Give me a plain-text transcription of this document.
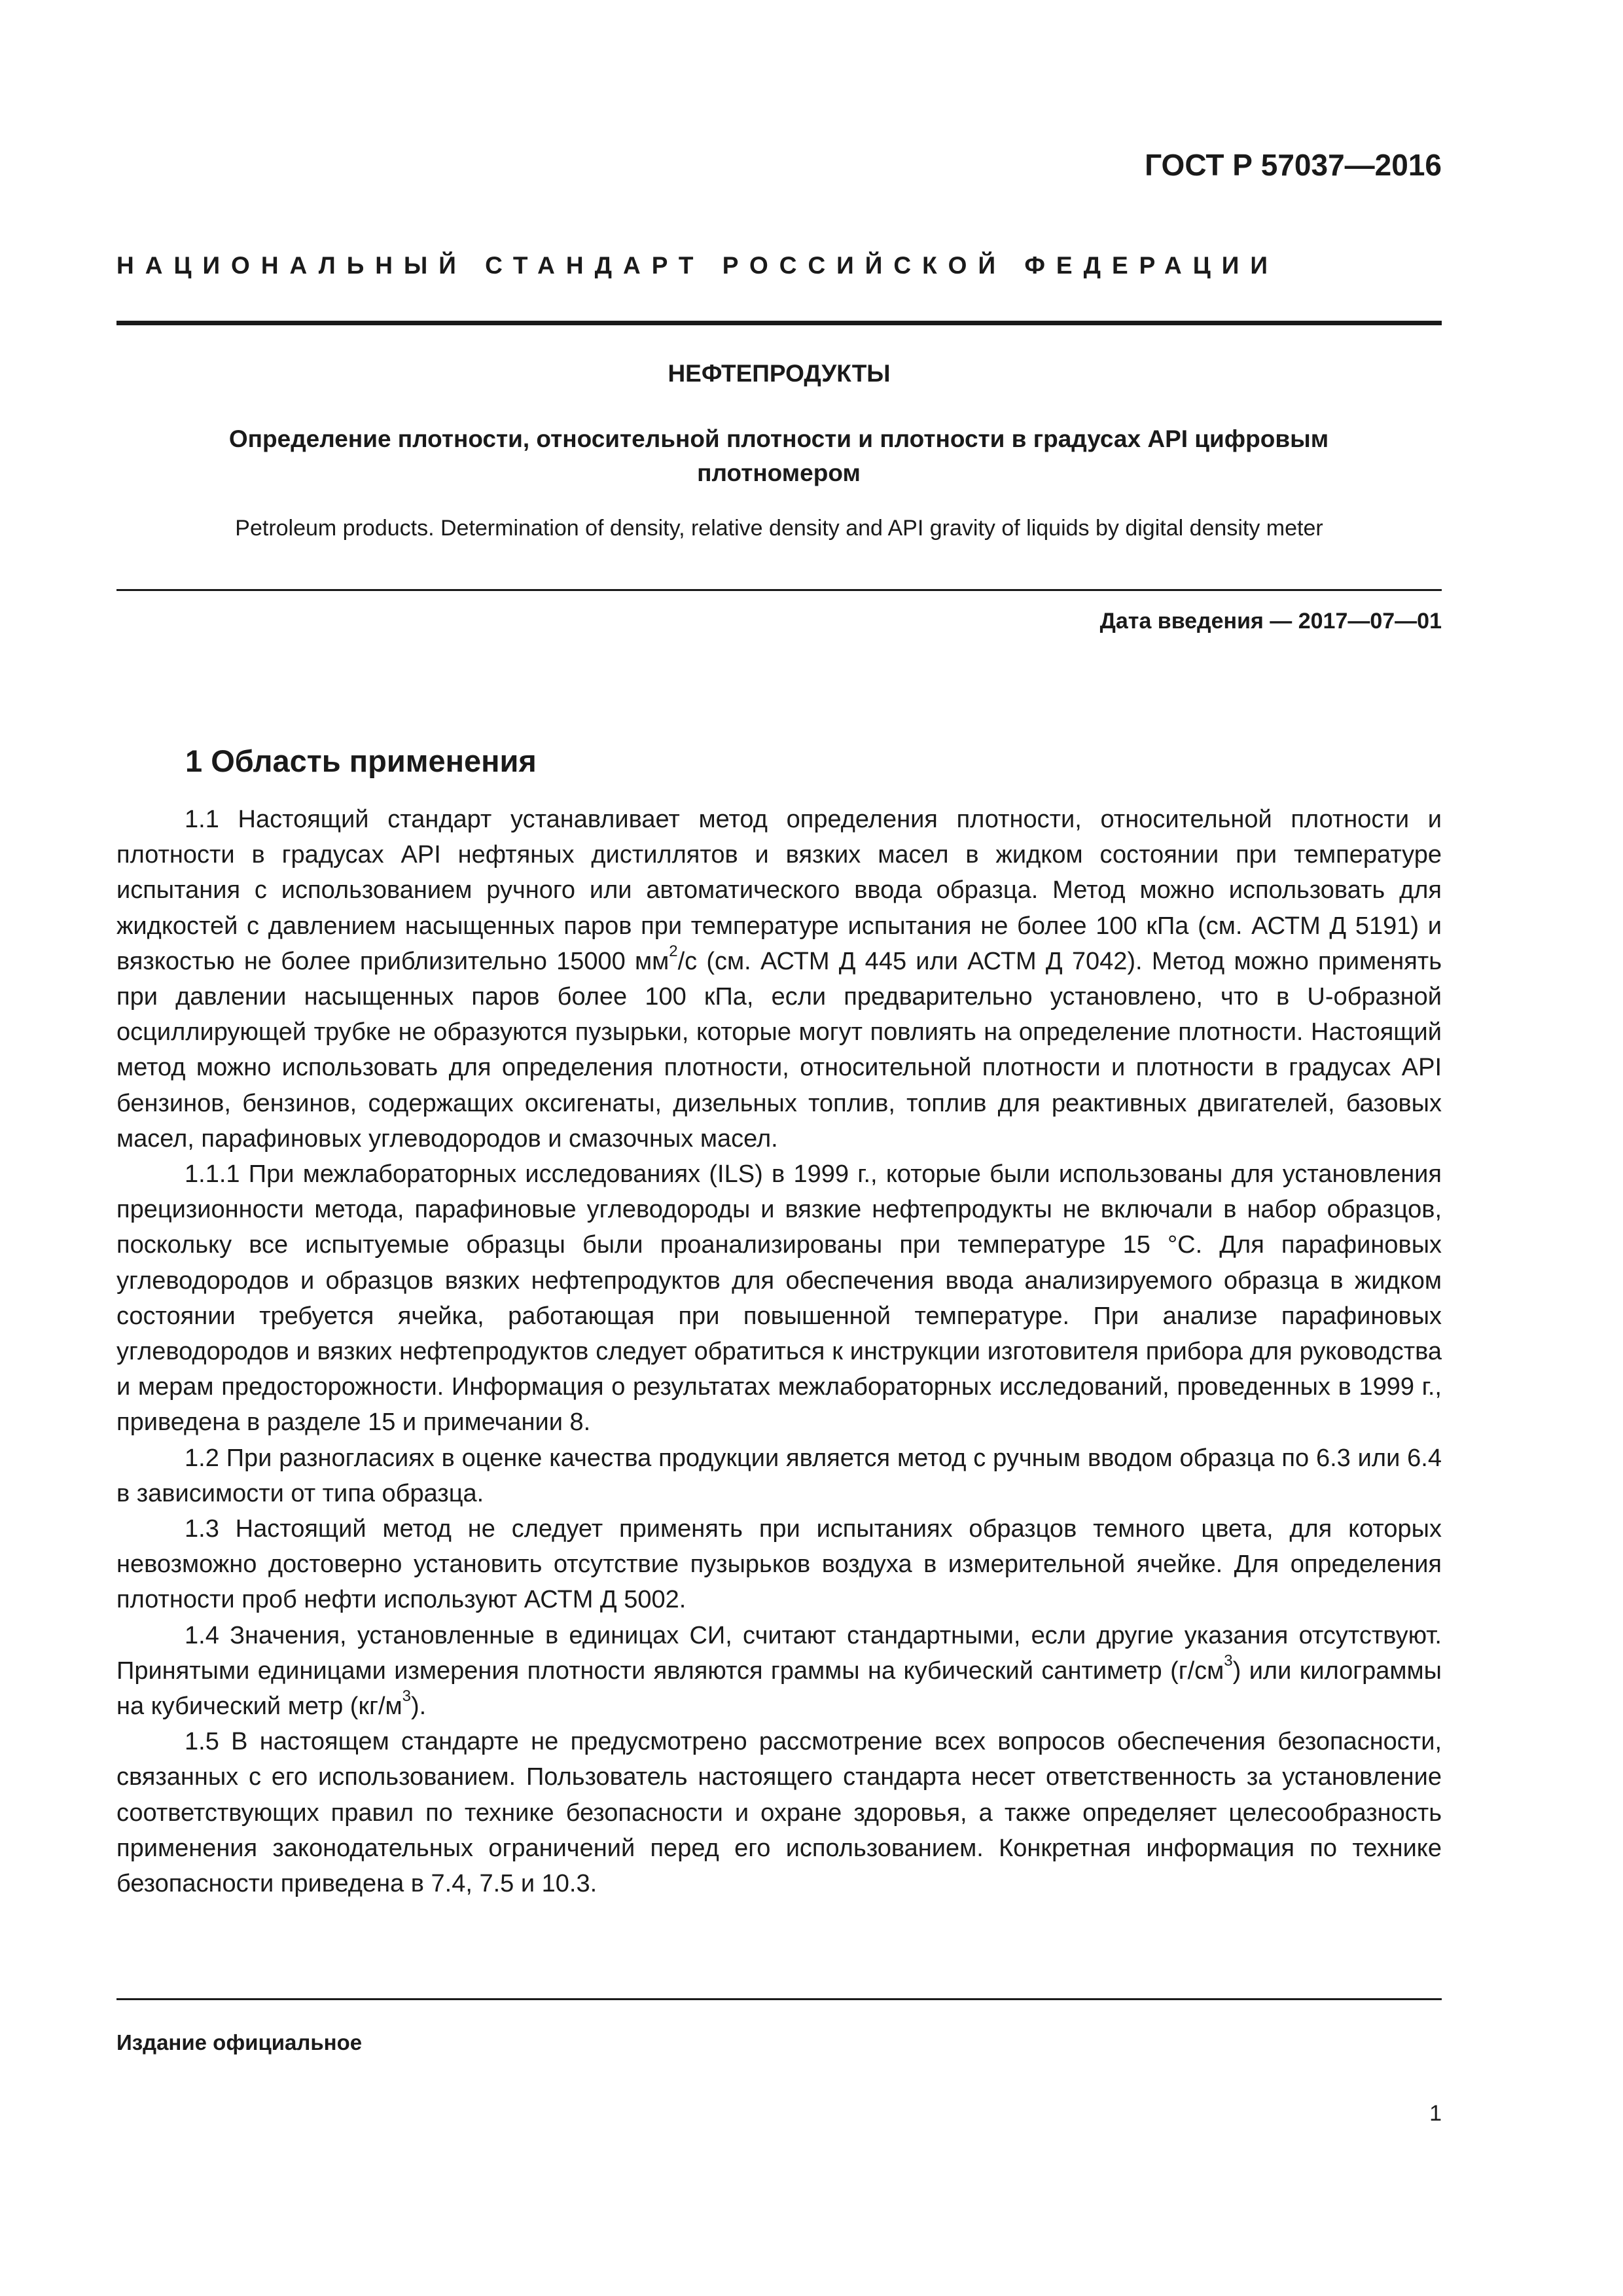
ГОСТ Р 57037—2016
НАЦИОНАЛЬНЫЙ СТАНДАРТ РОССИЙСКОЙ ФЕДЕРАЦИИ
НЕФТЕПРОДУКТЫ
Определение плотности, относительной плотности и плотности в градусах API цифровым плотномером
Petroleum products. Determination of density, relative density and API gravity of liquids by digital density meter
Дата введения — 2017—07—01
1 Область применения

1.1 Настоящий стандарт устанавливает метод определения плотности, относительной плотности и плотности в градусах API нефтяных дистиллятов и вязких масел в жидком состоянии при температуре испытания с использованием ручного или автоматического ввода образца. Метод можно использовать для жидкостей с давлением насыщенных паров при температуре испытания не более 100 кПа (см. АСТМ Д 5191) и вязкостью не более приблизительно 15000 $мм^2/с$ (см. АСТМ Д 445 или АСТМ Д 7042). Метод можно применять при давлении насыщенных паров более 100 кПа, если предварительно установлено, что в U-образной осциллирующей трубке не образуются пузырьки, которые могут повлиять на определение плотности. Настоящий метод можно использовать для определения плотности, относительной плотности и плотности в градусах API бензинов, бензинов, содержащих оксигенаты, дизельных топлив, топлив для реактивных двигателей, базовых масел, парафиновых углеводородов и смазочных масел.

1.1.1 При межлабораторных исследованиях (ILS) в 1999 г., которые были использованы для установления прецизионности метода, парафиновые углеводороды и вязкие нефтепродукты не включали в набор образцов, поскольку все испытуемые образцы были проанализированы при температуре 15 °С. Для парафиновых углеводородов и образцов вязких нефтепродуктов для обеспечения ввода анализируемого образца в жидком состоянии требуется ячейка, работающая при повышенной температуре. При анализе парафиновых углеводородов и вязких нефтепродуктов следует обратиться к инструкции изготовителя прибора для руководства и мерам предосторожности. Информация о результатах межлабораторных исследований, проведенных в 1999 г., приведена в разделе 15 и примечании 8.

1.2 При разногласиях в оценке качества продукции является метод с ручным вводом образца по 6.3 или 6.4 в зависимости от типа образца.

1.3 Настоящий метод не следует применять при испытаниях образцов темного цвета, для которых невозможно достоверно установить отсутствие пузырьков воздуха в измерительной ячейке. Для определения плотности проб нефти используют АСТМ Д 5002.

1.4 Значения, установленные в единицах СИ, считают стандартными, если другие указания отсутствуют. Принятыми единицами измерения плотности являются граммы на кубический сантиметр $(г/см^3)$ или килограммы на кубический метр $(кг/м^3)$.

1.5 В настоящем стандарте не предусмотрено рассмотрение всех вопросов обеспечения безопасности, связанных с его использованием. Пользователь настоящего стандарта несет ответственность за установление соответствующих правил по технике безопасности и охране здоровья, а также определяет целесообразность применения законодательных ограничений перед его использованием. Конкретная информация по технике безопасности приведена в 7.4, 7.5 и 10.3.

Издание официальное
1
